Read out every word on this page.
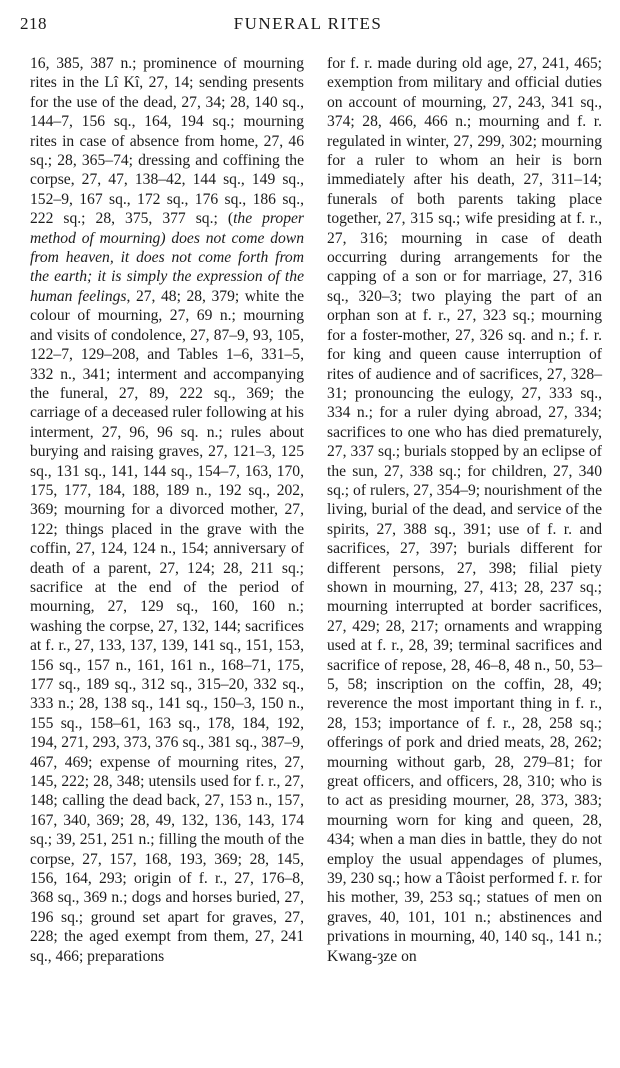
218	FUNERAL RITES

16, 385, 387 n.; prominence of mourning rites in the Lî Kî, 27, 14; sending presents for the use of the dead, 27, 34; 28, 140 sq., 144–7, 156 sq., 164, 194 sq.; mourning rites in case of absence from home, 27, 46 sq.; 28, 365–74; dressing and coffining the corpse, 27, 47, 138–42, 144 sq., 149 sq., 152–9, 167 sq., 172 sq., 176 sq., 186 sq., 222 sq.; 28, 375, 377 sq.; (the proper method of mourning) does not come down from heaven, it does not come forth from the earth; it is simply the expression of the human feelings, 27, 48; 28, 379; white the colour of mourning, 27, 69 n.; mourning and visits of condolence, 27, 87–9, 93, 105, 122–7, 129–208, and Tables 1–6, 331–5, 332 n., 341; interment and accompanying the funeral, 27, 89, 222 sq., 369; the carriage of a deceased ruler following at his interment, 27, 96, 96 sq. n.; rules about burying and raising graves, 27, 121–3, 125 sq., 131 sq., 141, 144 sq., 154–7, 163, 170, 175, 177, 184, 188, 189 n., 192 sq., 202, 369; mourning for a divorced mother, 27, 122; things placed in the grave with the coffin, 27, 124, 124 n., 154; anniversary of death of a parent, 27, 124; 28, 211 sq.; sacrifice at the end of the period of mourning, 27, 129 sq., 160, 160 n.; washing the corpse, 27, 132, 144; sacrifices at f. r., 27, 133, 137, 139, 141 sq., 151, 153, 156 sq., 157 n., 161, 161 n., 168–71, 175, 177 sq., 189 sq., 312 sq., 315–20, 332 sq., 333 n.; 28, 138 sq., 141 sq., 150–3, 150 n., 155 sq., 158–61, 163 sq., 178, 184, 192, 194, 271, 293, 373, 376 sq., 381 sq., 387–9, 467, 469; expense of mourning rites, 27, 145, 222; 28, 348; utensils used for f. r., 27, 148; calling the dead back, 27, 153 n., 157, 167, 340, 369; 28, 49, 132, 136, 143, 174 sq.; 39, 251, 251 n.; filling the mouth of the corpse, 27, 157, 168, 193, 369; 28, 145, 156, 164, 293; origin of f. r., 27, 176–8, 368 sq., 369 n.; dogs and horses buried, 27, 196 sq.; ground set apart for graves, 27, 228; the aged exempt from them, 27, 241 sq., 466; preparations

for f. r. made during old age, 27, 241, 465; exemption from military and official duties on account of mourning, 27, 243, 341 sq., 374; 28, 466, 466 n.; mourning and f. r. regulated in winter, 27, 299, 302; mourning for a ruler to whom an heir is born immediately after his death, 27, 311–14; funerals of both parents taking place together, 27, 315 sq.; wife presiding at f. r., 27, 316; mourning in case of death occurring during arrangements for the capping of a son or for marriage, 27, 316 sq., 320–3; two playing the part of an orphan son at f. r., 27, 323 sq.; mourning for a foster-mother, 27, 326 sq. and n.; f. r. for king and queen cause interruption of rites of audience and of sacrifices, 27, 328–31; pronouncing the eulogy, 27, 333 sq., 334 n.; for a ruler dying abroad, 27, 334; sacrifices to one who has died prematurely, 27, 337 sq.; burials stopped by an eclipse of the sun, 27, 338 sq.; for children, 27, 340 sq.; of rulers, 27, 354–9; nourishment of the living, burial of the dead, and service of the spirits, 27, 388 sq., 391; use of f. r. and sacrifices, 27, 397; burials different for different persons, 27, 398; filial piety shown in mourning, 27, 413; 28, 237 sq.; mourning interrupted at border sacrifices, 27, 429; 28, 217; ornaments and wrapping used at f. r., 28, 39; terminal sacrifices and sacrifice of repose, 28, 46–8, 48 n., 50, 53–5, 58; inscription on the coffin, 28, 49; reverence the most important thing in f. r., 28, 153; importance of f. r., 28, 258 sq.; offerings of pork and dried meats, 28, 262; mourning without garb, 28, 279–81; for great officers, and officers, 28, 310; who is to act as presiding mourner, 28, 373, 383; mourning worn for king and queen, 28, 434; when a man dies in battle, they do not employ the usual appendages of plumes, 39, 230 sq.; how a Tâoist performed f. r. for his mother, 39, 253 sq.; statues of men on graves, 40, 101, 101 n.; abstinences and privations in mourning, 40, 140 sq., 141 n.; Kwang-ȝze on
